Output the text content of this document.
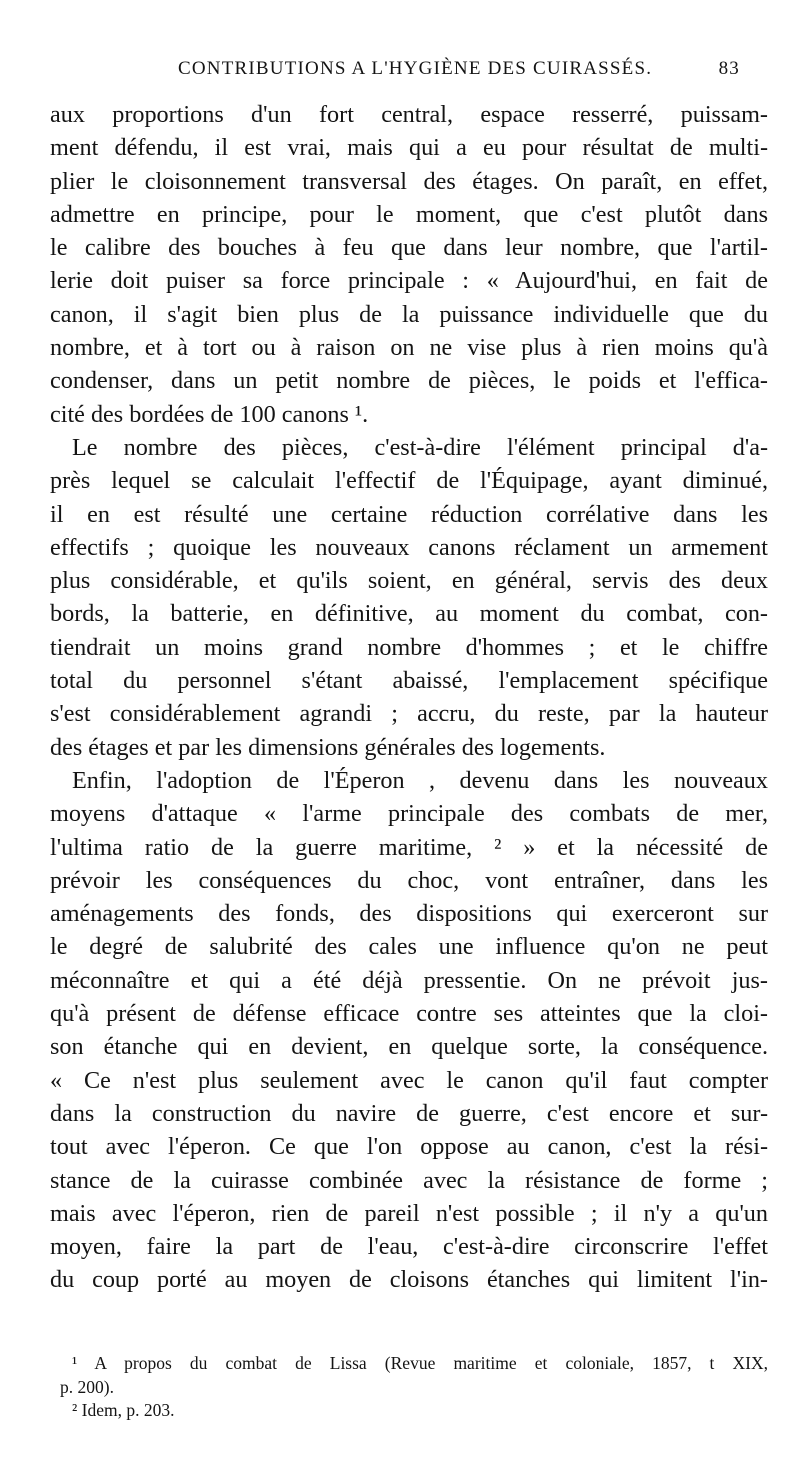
CONTRIBUTIONS A L'HYGIÈNE DES CUIRASSÉS.	83
aux proportions d'un fort central, espace resserré, puissam-
ment défendu, il est vrai, mais qui a eu pour résultat de multi-
plier le cloisonnement transversal des étages. On paraît, en effet,
admettre en principe, pour le moment, que c'est plutôt dans
le calibre des bouches à feu que dans leur nombre, que l'artil-
lerie doit puiser sa force principale : « Aujourd'hui, en fait de
canon, il s'agit bien plus de la puissance individuelle que du
nombre, et à tort ou à raison on ne vise plus à rien moins qu'à
condenser, dans un petit nombre de pièces, le poids et l'effica-
cité des bordées de 100 canons ¹.
Le nombre des pièces, c'est-à-dire l'élément principal d'a-
près lequel se calculait l'effectif de l'Équipage, ayant diminué,
il en est résulté une certaine réduction corrélative dans les
effectifs ; quoique les nouveaux canons réclament un armement
plus considérable, et qu'ils soient, en général, servis des deux
bords, la batterie, en définitive, au moment du combat, con-
tiendrait un moins grand nombre d'hommes ; et le chiffre
total du personnel s'étant abaissé, l'emplacement spécifique
s'est considérablement agrandi ; accru, du reste, par la hauteur
des étages et par les dimensions générales des logements.
Enfin, l'adoption de l'Éperon , devenu dans les nouveaux
moyens d'attaque « l'arme principale des combats de mer,
l'ultima ratio de la guerre maritime, ² » et la nécessité de
prévoir les conséquences du choc, vont entraîner, dans les
aménagements des fonds, des dispositions qui exerceront sur
le degré de salubrité des cales une influence qu'on ne peut
méconnaître et qui a été déjà pressentie. On ne prévoit jus-
qu'à présent de défense efficace contre ses atteintes que la cloi-
son étanche qui en devient, en quelque sorte, la conséquence.
« Ce n'est plus seulement avec le canon qu'il faut compter
dans la construction du navire de guerre, c'est encore et sur-
tout avec l'éperon. Ce que l'on oppose au canon, c'est la rési-
stance de la cuirasse combinée avec la résistance de forme ;
mais avec l'éperon, rien de pareil n'est possible ; il n'y a qu'un
moyen, faire la part de l'eau, c'est-à-dire circonscrire l'effet
du coup porté au moyen de cloisons étanches qui limitent l'in-
¹ A propos du combat de Lissa (Revue maritime et coloniale, 1857, t XIX,
p. 200).
² Idem, p. 203.
